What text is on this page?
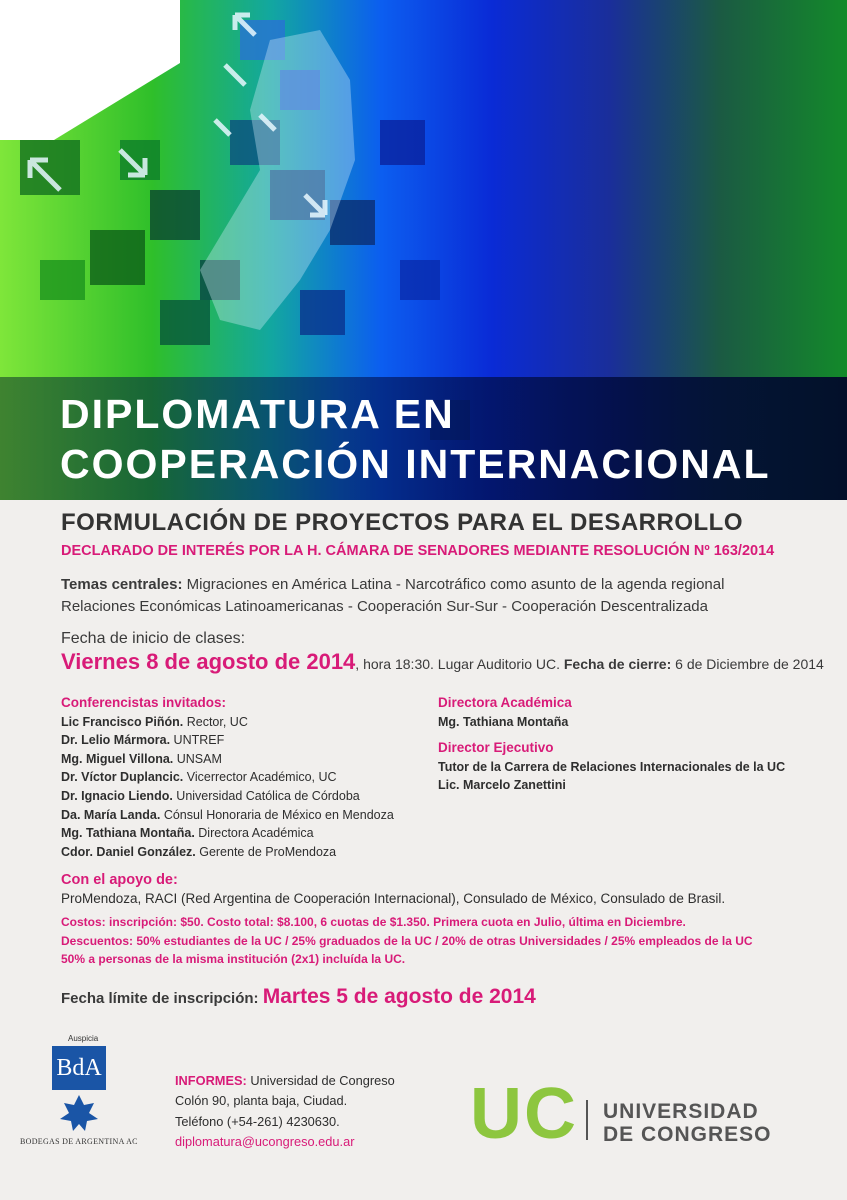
DIPLOMATURA EN
COOPERACIÓN INTERNACIONAL
FORMULACIÓN DE PROYECTOS PARA EL DESARROLLO
DECLARADO DE INTERÉS POR LA H. CÁMARA DE SENADORES MEDIANTE RESOLUCIÓN Nº 163/2014
Temas centrales: Migraciones en América Latina - Narcotráfico como asunto de la agenda regional
Relaciones Económicas Latinoamericanas - Cooperación Sur-Sur - Cooperación Descentralizada
Fecha de inicio de clases:
Viernes 8 de agosto de 2014, hora 18:30. Lugar Auditorio UC. Fecha de cierre: 6 de Diciembre de 2014
Conferencistas invitados:
Lic Francisco Piñón. Rector, UC
Dr. Lelio Mármora. UNTREF
Mg. Miguel Villona. UNSAM
Dr. Víctor Duplancic. Vicerrector Académico, UC
Dr. Ignacio Liendo. Universidad Católica de Córdoba
Da. María Landa. Cónsul Honoraria de México en Mendoza
Mg. Tathiana Montaña. Directora Académica
Cdor. Daniel González. Gerente de ProMendoza
Directora Académica
Mg. Tathiana Montaña
Director Ejecutivo
Tutor de la Carrera de Relaciones Internacionales de la UC
Lic. Marcelo Zanettini
Con el apoyo de:
ProMendoza, RACI (Red Argentina de Cooperación Internacional), Consulado de México, Consulado de Brasil.
Costos: inscripción: $50. Costo total: $8.100, 6 cuotas de $1.350. Primera cuota en Julio, última en Diciembre.
Descuentos: 50% estudiantes de la UC / 25% graduados de la UC / 20% de otras Universidades / 25% empleados de la UC
50% a personas de la misma institución (2x1) incluída la UC.
Fecha límite de inscripción: Martes 5 de agosto de 2014
Auspicia
BdA
BODEGAS DE ARGENTINA AC
INFORMES: Universidad de Congreso
Colón 90, planta baja, Ciudad.
Teléfono (+54-261) 4230630.
diplomatura@ucongreso.edu.ar	UC UNIVERSIDAD
DE CONGRESO
